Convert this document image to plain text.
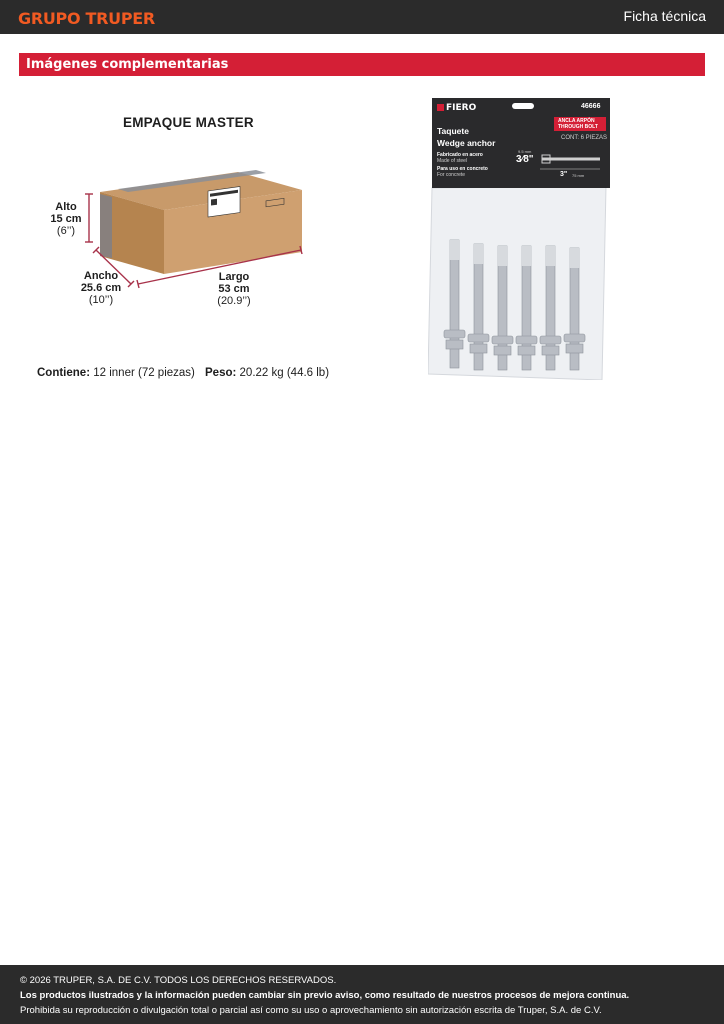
GRUPO TRUPER	Ficha técnica
Imágenes complementarias
EMPAQUE MASTER
Alto
15 cm
(6’’)
Ancho
25.6 cm
(10’’)
Largo
53 cm
(20.9’’)
Contiene: 12 inner (72 piezas) Peso: 20.22 kg (44.6 lb)
FIERO	46666
Taquete
Wedge anchor
ANCLA ARPÓN
THROUGH BOLT
CONT: 6 PIEZAS
Fabricado en acero
Made of steel
Para uso en concreto
For concrete
9.5 mm
3⁄8"
3" 75 mm
© 2026 TRUPER, S.A. DE C.V. TODOS LOS DERECHOS RESERVADOS.
Los productos ilustrados y la información pueden cambiar sin previo aviso, como resultado de nuestros procesos de mejora continua.
Prohibida su reproducción o divulgación total o parcial así como su uso o aprovechamiento sin autorización escrita de Truper, S.A. de C.V.
